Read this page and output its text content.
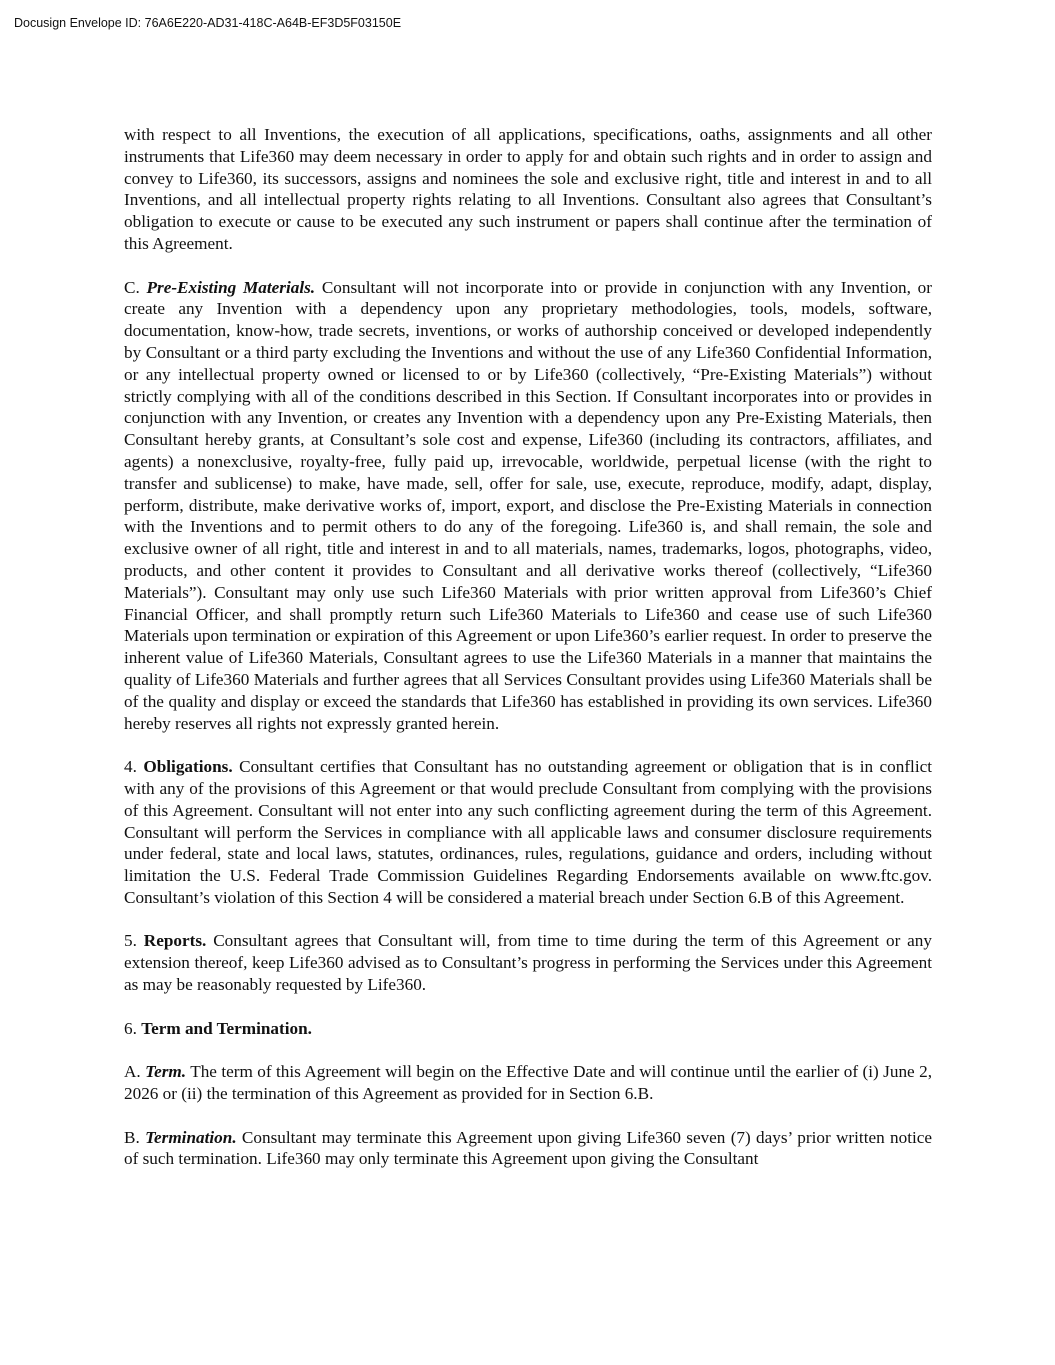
Docusign Envelope ID: 76A6E220-AD31-418C-A64B-EF3D5F03150E

with respect to all Inventions, the execution of all applications, specifications, oaths, assignments and all other instruments that Life360 may deem necessary in order to apply for and obtain such rights and in order to assign and convey to Life360, its successors, assigns and nominees the sole and exclusive right, title and interest in and to all Inventions, and all intellectual property rights relating to all Inventions. Consultant also agrees that Consultant’s obligation to execute or cause to be executed any such instrument or papers shall continue after the termination of this Agreement.

C. Pre-Existing Materials. Consultant will not incorporate into or provide in conjunction with any Invention, or create any Invention with a dependency upon any proprietary methodologies, tools, models, software, documentation, know-how, trade secrets, inventions, or works of authorship conceived or developed independently by Consultant or a third party excluding the Inventions and without the use of any Life360 Confidential Information, or any intellectual property owned or licensed to or by Life360 (collectively, “Pre-Existing Materials”) without strictly complying with all of the conditions described in this Section. If Consultant incorporates into or provides in conjunction with any Invention, or creates any Invention with a dependency upon any Pre-Existing Materials, then Consultant hereby grants, at Consultant’s sole cost and expense, Life360 (including its contractors, affiliates, and agents) a nonexclusive, royalty-free, fully paid up, irrevocable, worldwide, perpetual license (with the right to transfer and sublicense) to make, have made, sell, offer for sale, use, execute, reproduce, modify, adapt, display, perform, distribute, make derivative works of, import, export, and disclose the Pre-Existing Materials in connection with the Inventions and to permit others to do any of the foregoing. Life360 is, and shall remain, the sole and exclusive owner of all right, title and interest in and to all materials, names, trademarks, logos, photographs, video, products, and other content it provides to Consultant and all derivative works thereof (collectively, “Life360 Materials”). Consultant may only use such Life360 Materials with prior written approval from Life360’s Chief Financial Officer, and shall promptly return such Life360 Materials to Life360 and cease use of such Life360 Materials upon termination or expiration of this Agreement or upon Life360’s earlier request. In order to preserve the inherent value of Life360 Materials, Consultant agrees to use the Life360 Materials in a manner that maintains the quality of Life360 Materials and further agrees that all Services Consultant provides using Life360 Materials shall be of the quality and display or exceed the standards that Life360 has established in providing its own services. Life360 hereby reserves all rights not expressly granted herein.

4. Obligations. Consultant certifies that Consultant has no outstanding agreement or obligation that is in conflict with any of the provisions of this Agreement or that would preclude Consultant from complying with the provisions of this Agreement. Consultant will not enter into any such conflicting agreement during the term of this Agreement. Consultant will perform the Services in compliance with all applicable laws and consumer disclosure requirements under federal, state and local laws, statutes, ordinances, rules, regulations, guidance and orders, including without limitation the U.S. Federal Trade Commission Guidelines Regarding Endorsements available on www.ftc.gov. Consultant’s violation of this Section 4 will be considered a material breach under Section 6.B of this Agreement.

5. Reports. Consultant agrees that Consultant will, from time to time during the term of this Agreement or any extension thereof, keep Life360 advised as to Consultant’s progress in performing the Services under this Agreement as may be reasonably requested by Life360.

6. Term and Termination.

A. Term. The term of this Agreement will begin on the Effective Date and will continue until the earlier of (i) June 2, 2026 or (ii) the termination of this Agreement as provided for in Section 6.B.

B. Termination. Consultant may terminate this Agreement upon giving Life360 seven (7) days’ prior written notice of such termination. Life360 may only terminate this Agreement upon giving the Consultant
